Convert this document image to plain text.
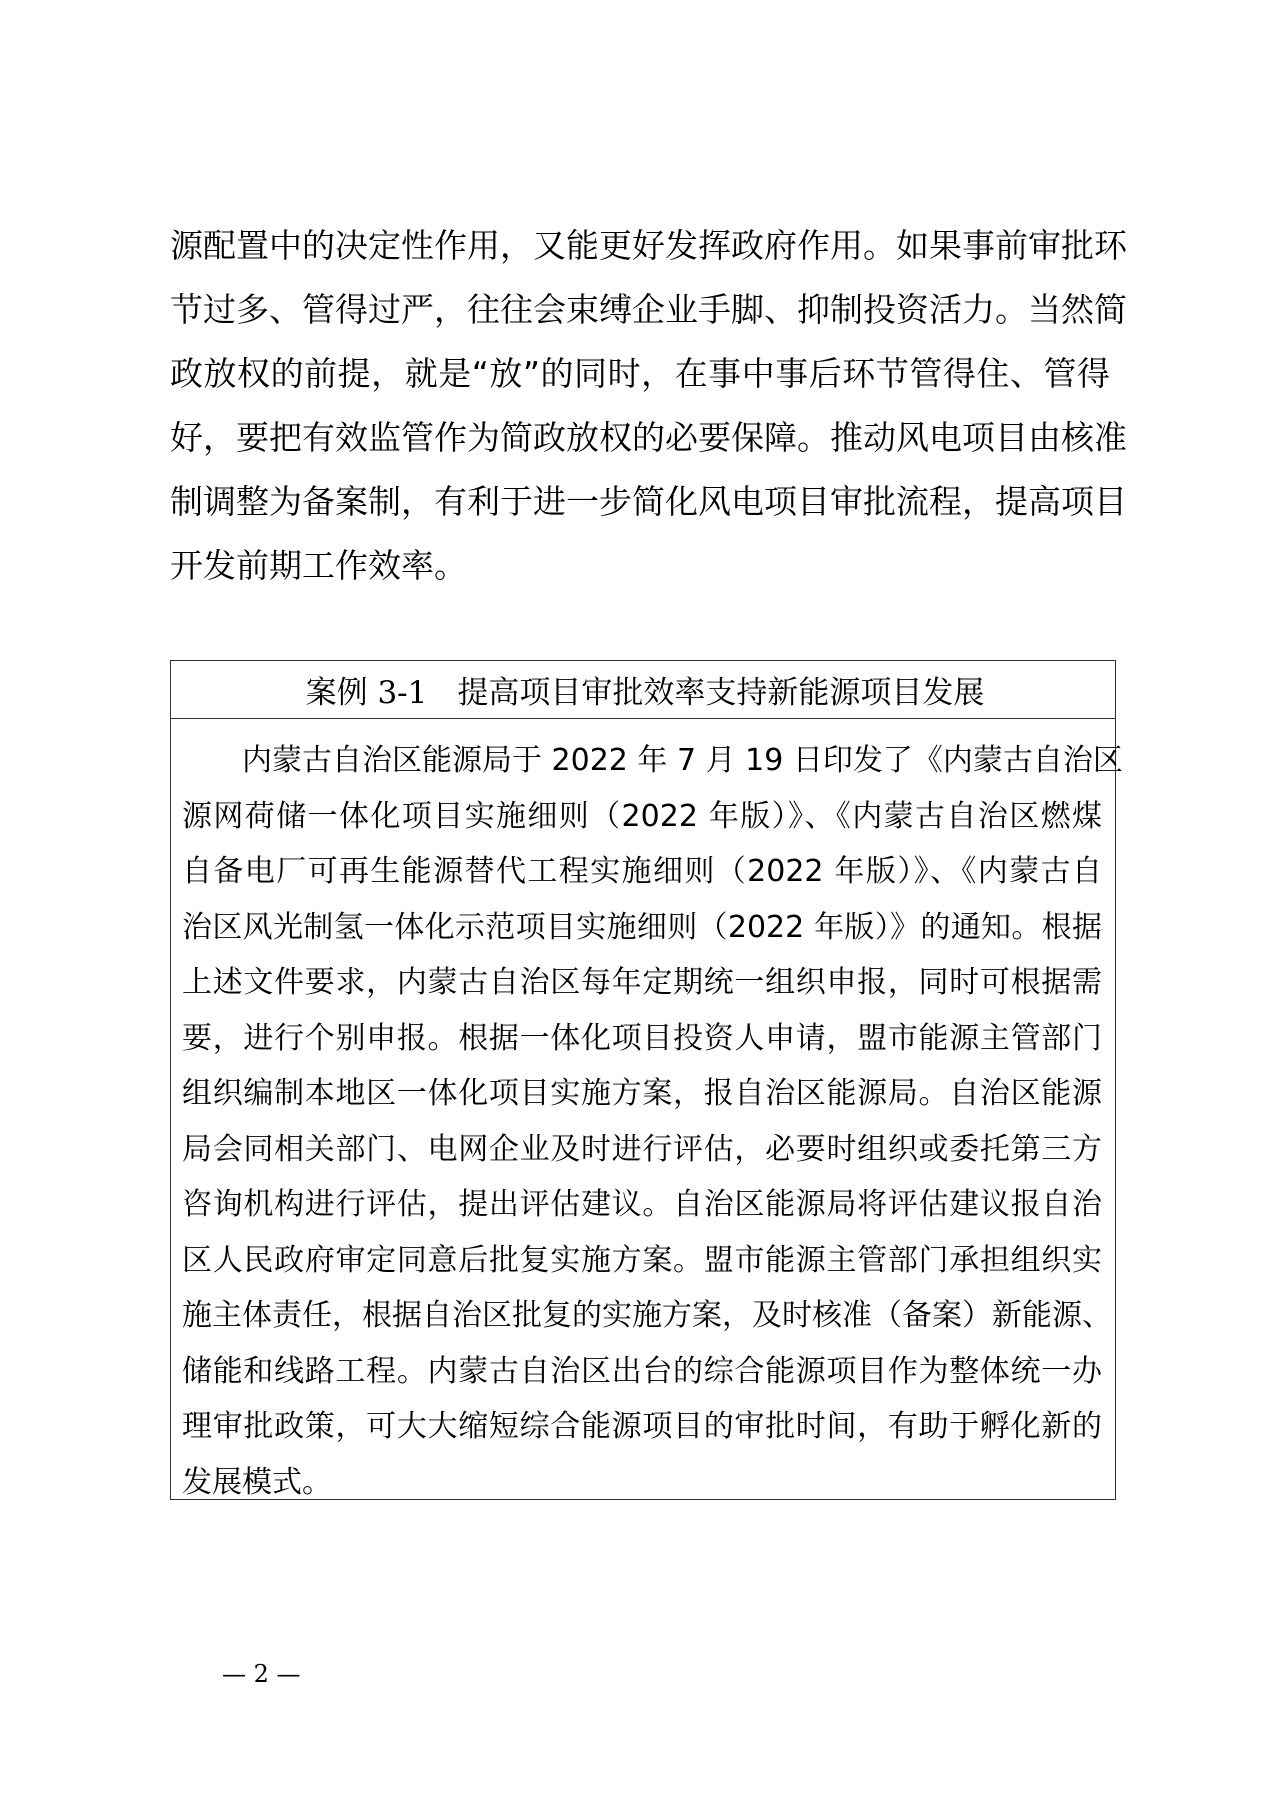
源配置中的决定性作用，又能更好发挥政府作用。如果事前审批环
节过多、管得过严，往往会束缚企业手脚、抑制投资活力。当然简
政放权的前提，就是“放”的同时，在事中事后环节管得住、管得
好，要把有效监管作为简政放权的必要保障。推动风电项目由核准
制调整为备案制，有利于进一步简化风电项目审批流程，提高项目
开发前期工作效率。
案例 3-1 提高项目审批效率支持新能源项目发展
内蒙古自治区能源局于 2022 年 7 月 19 日印发了《内蒙古自治区
源网荷储一体化项目实施细则（2022 年版）》、《内蒙古自治区燃煤
自备电厂可再生能源替代工程实施细则（2022 年版）》、《内蒙古自
治区风光制氢一体化示范项目实施细则（2022 年版）》的通知。根据
上述文件要求，内蒙古自治区每年定期统一组织申报，同时可根据需
要，进行个别申报。根据一体化项目投资人申请，盟市能源主管部门
组织编制本地区一体化项目实施方案，报自治区能源局。自治区能源
局会同相关部门、电网企业及时进行评估，必要时组织或委托第三方
咨询机构进行评估，提出评估建议。自治区能源局将评估建议报自治
区人民政府审定同意后批复实施方案。盟市能源主管部门承担组织实
施主体责任，根据自治区批复的实施方案，及时核准（备案）新能源、
储能和线路工程。内蒙古自治区出台的综合能源项目作为整体统一办
理审批政策，可大大缩短综合能源项目的审批时间，有助于孵化新的
发展模式。
— 2 —
